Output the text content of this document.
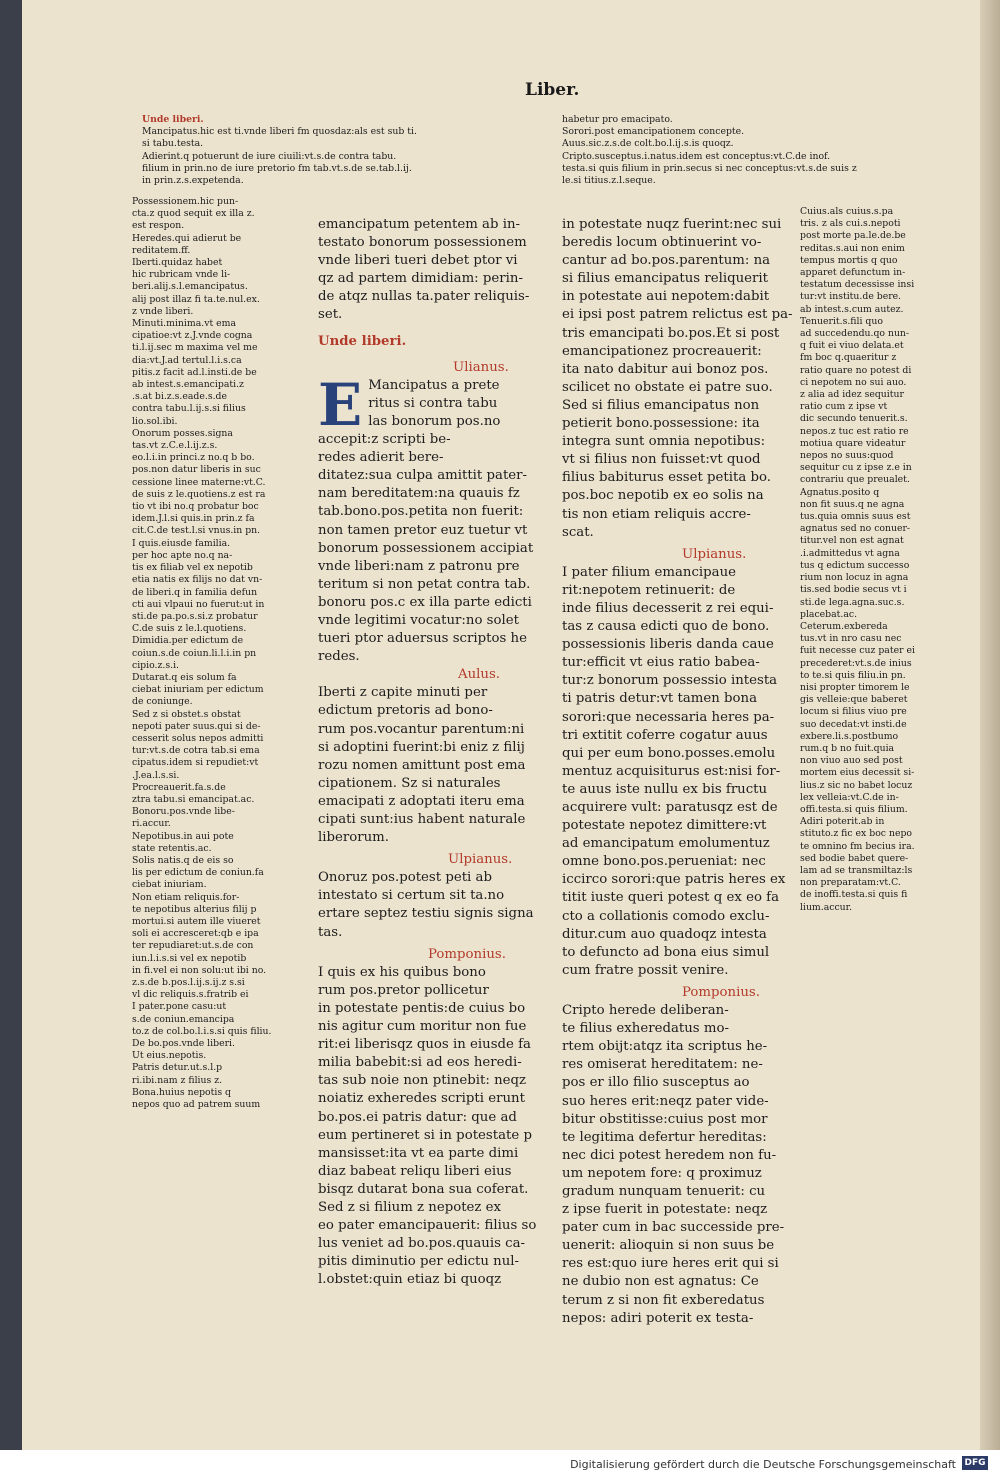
Liber.
Unde liberi.
Mancipatus.hic est ti.vnde liberi fm quosdaz:als est sub ti.
si tabu.testa.
Adierint.q potuerunt de iure ciuili:vt.s.de contra tabu.
filium in prin.no de iure pretorio fm tab.vt.s.de se.tab.l.ij.
in prin.z.s.expetenda.
habetur pro emacipato.
Sorori.post emancipationem concepte.
Auus.sic.z.s.de colt.bo.l.ij.s.is quoqz.
Cripto.susceptus.i.natus.idem est conceptus:vt.C.de inof.
testa.si quis filium in prin.secus si nec conceptus:vt.s.de suis z
le.si titius.z.l.seque.
Possessionem.hic pun-
cta.z quod sequit ex illa z.
est respon.
Heredes.qui adierut be
reditatem.ff.
Iberti.quidaz habet
hic rubricam vnde li-
beri.alij.s.l.emancipatus.
alij post illaz fi ta.te.nul.ex.
z vnde liberi.
Minuti.minima.vt ema
cipatioe:vt z.J.vnde cogna
ti.l.ij.sec m maxima vel me
dia:vt.J.ad tertul.l.i.s.ca
pitis.z facit ad.l.insti.de be
ab intest.s.emancipati.z
.s.at bi.z.s.eade.s.de
contra tabu.l.ij.s.si filius
lio.sol.ibi.
Onorum posses.signa
tas.vt z.C.e.l.ij.z.s.
eo.l.i.in princi.z no.q b bo.
pos.non datur liberis in suc
cessione linee materne:vt.C.
de suis z le.quotiens.z est ra
tio vt ibi no.q probatur boc
idem.J.l.si quis.in prin.z fa
cit.C.de test.l.si vnus.in pn.
I quis.eiusde familia.
per hoc apte no.q na-
tis ex filiab vel ex nepotib
etia natis ex filijs no dat vn-
de liberi.q in familia defun
cti aui vlpaui no fuerut:ut in
sti.de pa.po.s.si.z probatur
C.de suis z le.l.quotiens.
Dimidia.per edictum de
coiun.s.de coiun.li.l.i.in pn
cipio.z.s.i.
Dutarat.q eis solum fa
ciebat iniuriam per edictum
de coniunge.
Sed z si obstet.s obstat
nepoti pater suus.qui si de-
cesserit solus nepos admitti
tur:vt.s.de cotra tab.si ema
cipatus.idem si repudiet:vt
.J.ea.l.s.si.
Procreauerit.fa.s.de
ztra tabu.si emancipat.ac.
Bonoru.pos.vnde libe-
ri.accur.
Nepotibus.in aui pote
state retentis.ac.
Solis natis.q de eis so
lis per edictum de coniun.fa
ciebat iniuriam.
Non etiam reliquis.for-
te nepotibus alterius filij p
mortui.si autem ille viueret
soli ei accresceret:qb e ipa
ter repudiaret:ut.s.de con
iun.l.i.s.si vel ex nepotib
in fi.vel ei non solu:ut ibi no.
z.s.de b.pos.l.ij.s.ij.z s.si
vl dic reliquis.s.fratrib ei
I pater.pone casu:ut
s.de coniun.emancipa
to.z de col.bo.l.i.s.si quis filiu.
De bo.pos.vnde liberi.
Ut eius.nepotis.
Patris detur.ut.s.l.p
ri.ibi.nam z filius z.
Bona.huius nepotis q
nepos quo ad patrem suum
emancipatum petentem ab in-
testato bonorum possessionem
vnde liberi tueri debet ptor vi
qz ad partem dimidiam: perin-
de atqz nullas ta.pater reliquis-
set.
Unde liberi.
Ulianus.
E Mancipatus a prete
ritus si contra tabu
las bonorum pos.no
accepit:z scripti be-
redes adierit bere-
ditatez:sua culpa amittit pater-
nam bereditatem:na quauis fz
tab.bono.pos.petita non fuerit:
non tamen pretor euz tuetur vt
bonorum possessionem accipiat
vnde liberi:nam z patronu pre
teritum si non petat contra tab.
bonoru pos.c ex illa parte edicti
vnde legitimi vocatur:no solet
tueri ptor aduersus scriptos he
redes.
Aulus.
Iberti z capite minuti per
edictum pretoris ad bono-
rum pos.vocantur parentum:ni
si adoptini fuerint:bi eniz z filij
rozu nomen amittunt post ema
cipationem. Sz si naturales
emacipati z adoptati iteru ema
cipati sunt:ius habent naturale
liberorum.
Ulpianus.
Onoruz pos.potest peti ab
intestato si certum sit ta.no
ertare septez testiu signis signa
tas.
Pomponius.
I quis ex his quibus bono
rum pos.pretor pollicetur
in potestate pentis:de cuius bo
nis agitur cum moritur non fue
rit:ei liberisqz quos in eiusde fa
milia babebit:si ad eos heredi-
tas sub noie non ptinebit: neqz
noiatiz exheredes scripti erunt
bo.pos.ei patris datur: que ad
eum pertineret si in potestate p
mansisset:ita vt ea parte dimi
diaz babeat reliqu liberi eius
bisqz dutarat bona sua coferat.
Sed z si filium z nepotez ex
eo pater emancipauerit: filius so
lus veniet ad bo.pos.quauis ca-
pitis diminutio per edictu nul-
l.obstet:quin etiaz bi quoqz
in potestate nuqz fuerint:nec sui
beredis locum obtinuerint vo-
cantur ad bo.pos.parentum: na
si filius emancipatus reliquerit
in potestate aui nepotem:dabit
ei ipsi post patrem relictus est pa-
tris emancipati bo.pos.Et si post
emancipationez procreauerit:
ita nato dabitur aui bonoz pos.
scilicet no obstate ei patre suo.
Sed si filius emancipatus non
petierit bono.possessione: ita
integra sunt omnia nepotibus:
vt si filius non fuisset:vt quod
filius babiturus esset petita bo.
pos.boc nepotib ex eo solis na
tis non etiam reliquis accre-
scat.
Ulpianus.
I pater filium emancipaue
rit:nepotem retinuerit: de
inde filius decesserit z rei equi-
tas z causa edicti quo de bono.
possessionis liberis danda caue
tur:efficit vt eius ratio babea-
tur:z bonorum possessio intesta
ti patris detur:vt tamen bona
sorori:que necessaria heres pa-
tri extitit coferre cogatur auus
qui per eum bono.posses.emolu
mentuz acquisiturus est:nisi for-
te auus iste nullu ex bis fructu
acquirere vult: paratusqz est de
potestate nepotez dimittere:vt
ad emancipatum emolumentuz
omne bono.pos.perueniat: nec
iccirco sorori:que patris heres ex
titit iuste queri potest q ex eo fa
cto a collationis comodo exclu-
ditur.cum auo quadoqz intesta
to defuncto ad bona eius simul
cum fratre possit venire.
Pomponius.
Cripto herede deliberan-
te filius exheredatus mo-
rtem obijt:atqz ita scriptus he-
res omiserat hereditatem: ne-
pos er illo filio susceptus ao
suo heres erit:neqz pater vide-
bitur obstitisse:cuius post mor
te legitima defertur hereditas:
nec dici potest heredem non fu-
um nepotem fore: q proximuz
gradum nunquam tenuerit: cu
z ipse fuerit in potestate: neqz
pater cum in bac successide pre-
uenerit: alioquin si non suus be
res est:quo iure heres erit qui si
ne dubio non est agnatus: Ce
terum z si non fit exberedatus
nepos: adiri poterit ex testa-
Cuius.als cuius.s.pa
tris. z als cui.s.nepoti
post morte pa.le.de.be
reditas.s.aui non enim
tempus mortis q quo
apparet defunctum in-
testatum decessisse insi
tur:vt institu.de bere.
ab intest.s.cum autez.
Tenuerit.s.fili quo
ad succedendu.qo nun-
q fuit ei viuo delata.et
fm boc q.quaeritur z
ratio quare no potest di
ci nepotem no sui auo.
z alia ad idez sequitur
ratio cum z ipse vt
dic secundo tenuerit.s.
nepos.z tuc est ratio re
motiua quare videatur
nepos no suus:quod
sequitur cu z ipse z.e in
contrariu que preualet.
Agnatus.posito q
non fit suus.q ne agna
tus.quia omnis suus est
agnatus sed no conuer-
titur.vel non est agnat
.i.admittedus vt agna
tus q edictum successo
rium non locuz in agna
tis.sed bodie secus vt i
sti.de lega.agna.suc.s.
placebat.ac.
Ceterum.exbereda
tus.vt in nro casu nec
fuit necesse cuz pater ei
precederet:vt.s.de inius
to te.si quis filiu.in pn.
nisi propter timorem le
gis velleie:que baberet
locum si filius viuo pre
suo decedat:vt insti.de
exbere.li.s.postbumo
rum.q b no fuit.quia
non viuo auo sed post
mortem eius decessit si-
lius.z sic no babet locuz
lex velleia:vt.C.de in-
offi.testa.si quis filium.
Adiri poterit.ab in
stituto.z fic ex boc nepo
te omnino fm becius ira.
sed bodie babet quere-
lam ad se transmiltaz:ls
non preparatam:vt.C.
de inoffi.testa.si quis fi
lium.accur.
Digitalisierung gefördert durch die Deutsche Forschungsgemeinschaft DFG
